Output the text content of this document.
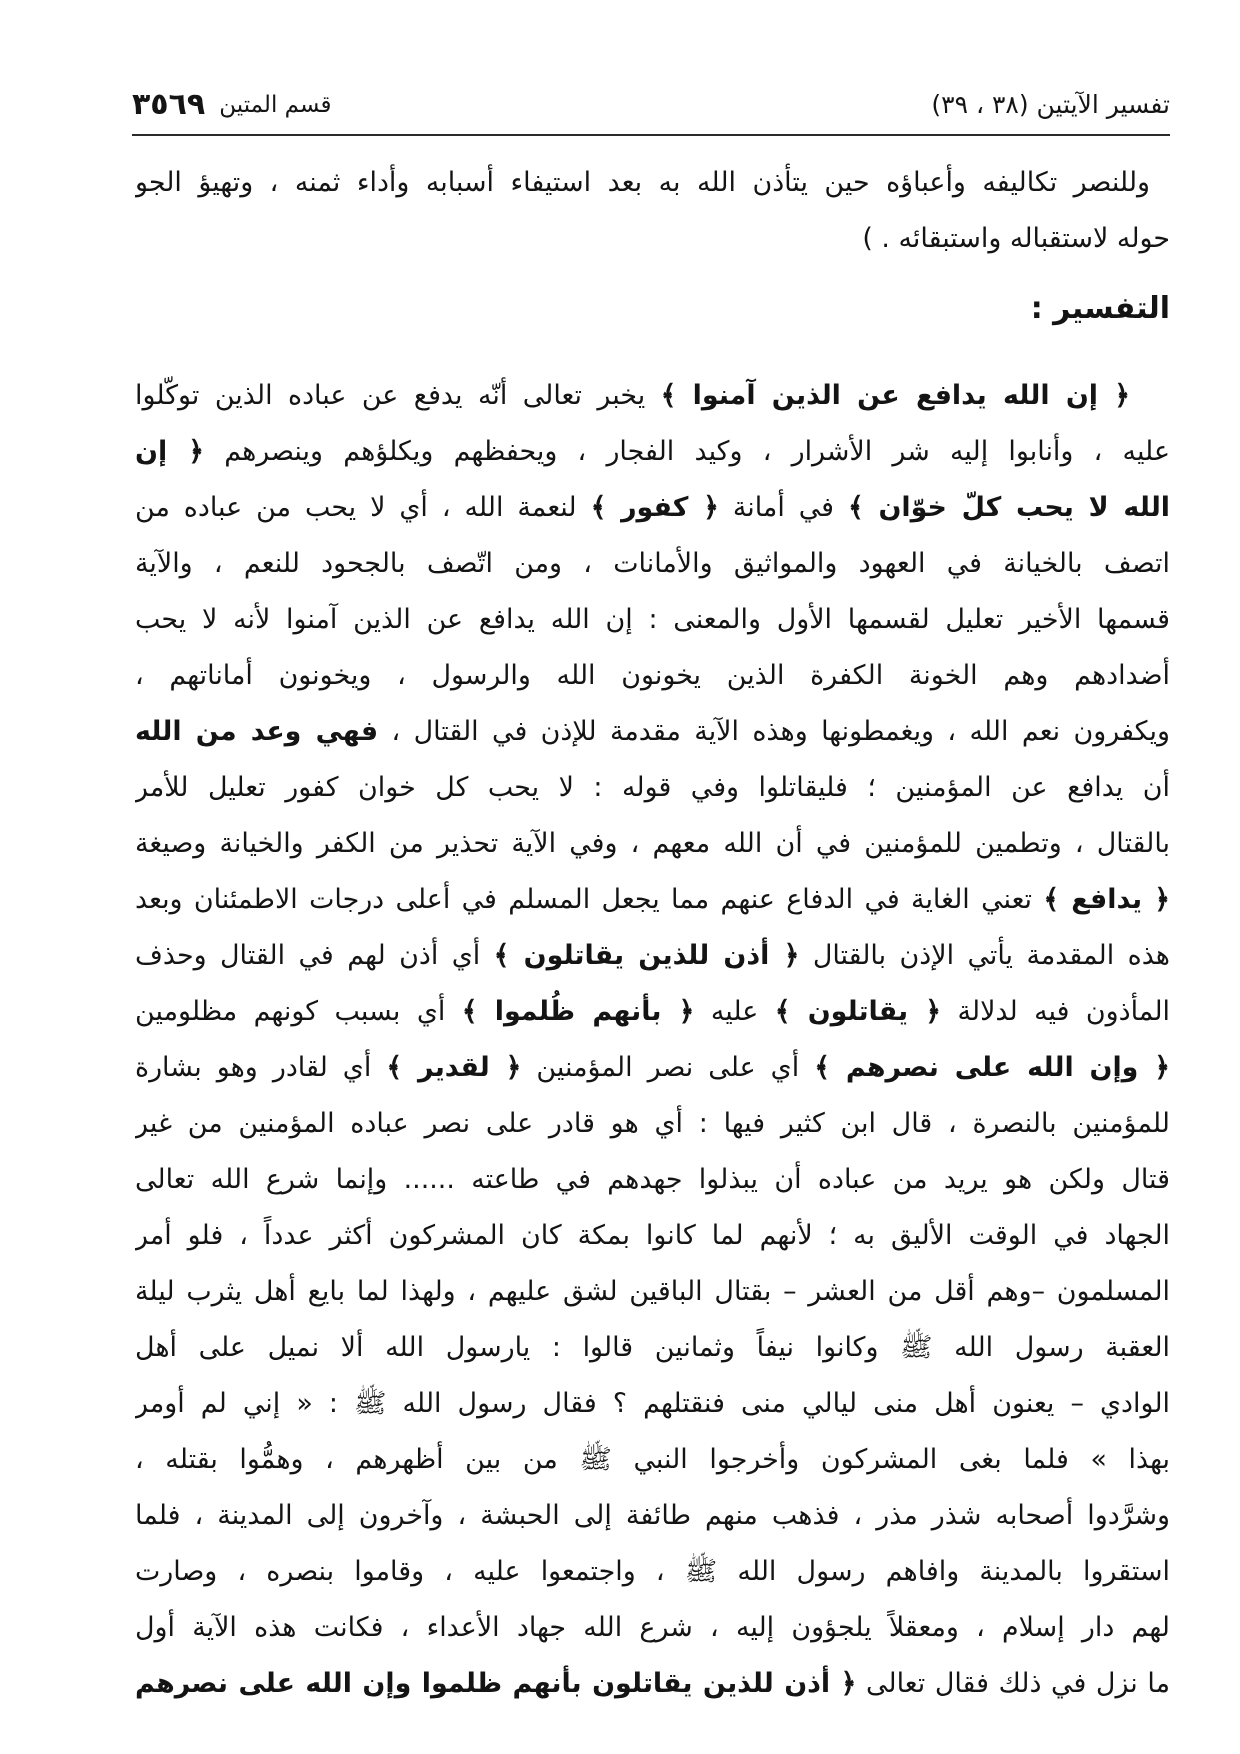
تفسير الآيتين (٣٨ ، ٣٩)
قسم المتين
٣٥٦٩
وللنصر تكاليفه وأعباؤه حين يتأذن الله به بعد استيفاء أسبابه وأداء ثمنه ، وتهيؤ الجو
حوله لاستقباله واستبقائه . )
التفسير :
﴿ إن الله يدافع عن الذين آمنوا ﴾ يخبر تعالى أنّه يدفع عن عباده الذين توكّلوا
عليه ، وأنابوا إليه شر الأشرار ، وكيد الفجار ، ويحفظهم ويكلؤهم وينصرهم ﴿ إن
الله لا يحب كلّ خوّان ﴾ في أمانة ﴿ كفور ﴾ لنعمة الله ، أي لا يحب من عباده من
اتصف بالخيانة في العهود والمواثيق والأمانات ، ومن اتّصف بالجحود للنعم ، والآية
قسمها الأخير تعليل لقسمها الأول والمعنى : إن الله يدافع عن الذين آمنوا لأنه لا يحب
أضدادهم وهم الخونة الكفرة الذين يخونون الله والرسول ، ويخونون أماناتهم ،
ويكفرون نعم الله ، ويغمطونها وهذه الآية مقدمة للإذن في القتال ، فهي وعد من الله
أن يدافع عن المؤمنين ؛ فليقاتلوا وفي قوله : لا يحب كل خوان كفور تعليل للأمر
بالقتال ، وتطمين للمؤمنين في أن الله معهم ، وفي الآية تحذير من الكفر والخيانة وصيغة
﴿ يدافع ﴾ تعني الغاية في الدفاع عنهم مما يجعل المسلم في أعلى درجات الاطمئنان وبعد
هذه المقدمة يأتي الإذن بالقتال ﴿ أذن للذين يقاتلون ﴾ أي أذن لهم في القتال وحذف
المأذون فيه لدلالة ﴿ يقاتلون ﴾ عليه ﴿ بأنهم ظُلموا ﴾ أي بسبب كونهم مظلومين
﴿ وإن الله على نصرهم ﴾ أي على نصر المؤمنين ﴿ لقدير ﴾ أي لقادر وهو بشارة
للمؤمنين بالنصرة ، قال ابن كثير فيها : أي هو قادر على نصر عباده المؤمنين من غير
قتال ولكن هو يريد من عباده أن يبذلوا جهدهم في طاعته ...... وإنما شرع الله تعالى
الجهاد في الوقت الأليق به ؛ لأنهم لما كانوا بمكة كان المشركون أكثر عدداً ، فلو أمر
المسلمون –وهم أقل من العشر – بقتال الباقين لشق عليهم ، ولهذا لما بايع أهل يثرب ليلة
العقبة رسول الله ﷺ وكانوا نيفاً وثمانين قالوا : يارسول الله ألا نميل على أهل
الوادي – يعنون أهل منى ليالي منى فنقتلهم ؟ فقال رسول الله ﷺ : « إني لم أومر
بهذا » فلما بغى المشركون وأخرجوا النبي ﷺ من بين أظهرهم ، وهمُّوا بقتله ،
وشرَّدوا أصحابه شذر مذر ، فذهب منهم طائفة إلى الحبشة ، وآخرون إلى المدينة ، فلما
استقروا بالمدينة وافاهم رسول الله ﷺ ، واجتمعوا عليه ، وقاموا بنصره ، وصارت
لهم دار إسلام ، ومعقلاً يلجؤون إليه ، شرع الله جهاد الأعداء ، فكانت هذه الآية أول
ما نزل في ذلك فقال تعالى ﴿ أذن للذين يقاتلون بأنهم ظلموا وإن الله على نصرهم
